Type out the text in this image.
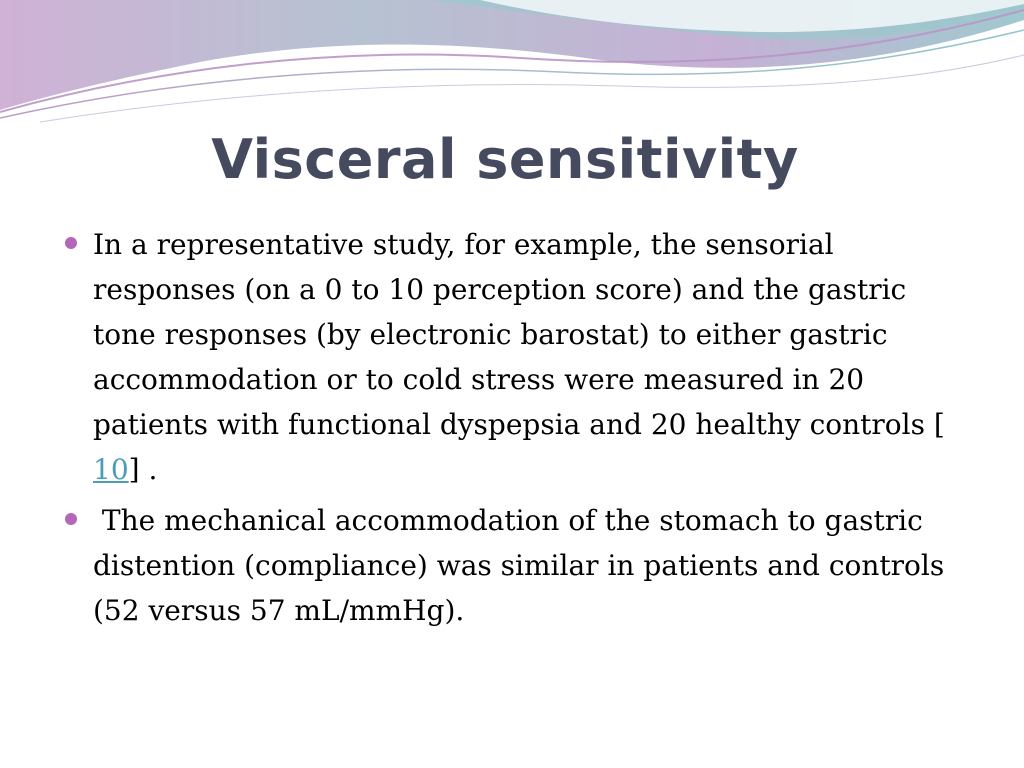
Visceral sensitivity
In a representative study, for example, the sensorial responses (on a 0 to 10 perception score) and the gastric tone responses (by electronic barostat) to either gastric accommodation or to cold stress were measured in 20 patients with functional dyspepsia and 20 healthy controls [ 10] .
The mechanical accommodation of the stomach to gastric distention (compliance) was similar in patients and controls (52 versus 57 mL/mmHg).
